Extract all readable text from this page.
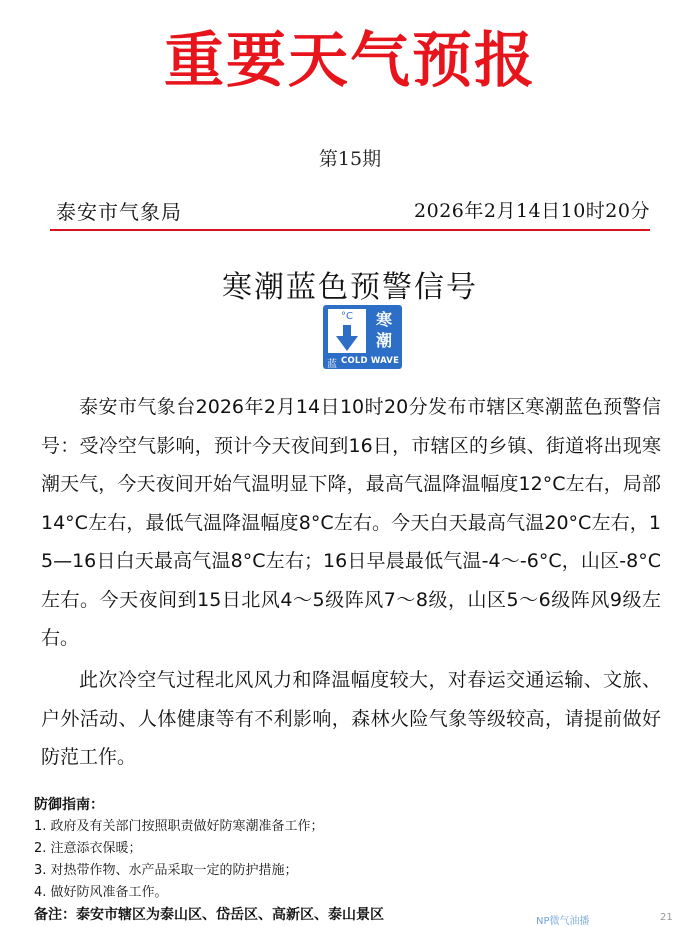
重要天气预报
第15期
泰安市气象局	2026年2月14日10时20分
寒潮蓝色预警信号
°C	寒
潮
蓝 COLD WAVE

泰安市气象台2026年2月14日10时20分发布市辖区寒潮蓝色预警信号：受冷空气影响，预计今天夜间到16日，市辖区的乡镇、街道将出现寒潮天气，今天夜间开始气温明显下降，最高气温降温幅度12°C左右，局部14°C左右，最低气温降温幅度8°C左右。今天白天最高气温20°C左右，15—16日白天最高气温8°C左右；16日早晨最低气温-4～-6°C，山区-8°C左右。今天夜间到15日北风4～5级阵风7～8级，山区5～6级阵风9级左右。

此次冷空气过程北风风力和降温幅度较大，对春运交通运输、文旅、户外活动、人体健康等有不利影响，森林火险气象等级较高，请提前做好防范工作。

防御指南：
1. 政府及有关部门按照职责做好防寒潮准备工作；
2. 注意添衣保暖；
3. 对热带作物、水产品采取一定的防护措施；
4. 做好防风准备工作。
备注：泰安市辖区为泰山区、岱岳区、高新区、泰山景区	NP微气油播	21
